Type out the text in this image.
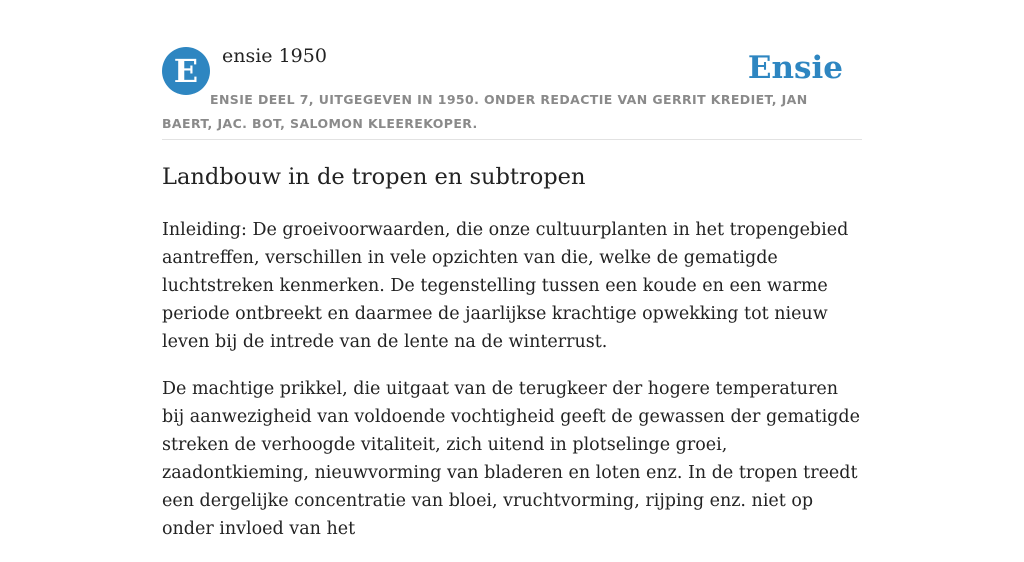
E	ensie 1950	Ensie
ENSIE DEEL 7, UITGEGEVEN IN 1950. ONDER REDACTIE VAN GERRIT KREDIET, JAN BAERT, JAC. BOT, SALOMON KLEEREKOPER.
Landbouw in de tropen en subtropen

Inleiding: De groeivoorwaarden, die onze cultuurplanten in het tropengebied aantreffen, verschillen in vele opzichten van die, welke de gematigde luchtstreken kenmerken. De tegenstelling tussen een koude en een warme periode ontbreekt en daarmee de jaarlijkse krachtige opwekking tot nieuw leven bij de intrede van de lente na de winterrust.

De machtige prikkel, die uitgaat van de terugkeer der hogere temperaturen bij aanwezigheid van voldoende vochtigheid geeft de gewassen der gematigde streken de verhoogde vitaliteit, zich uitend in plotselinge groei, zaadontkieming, nieuwvorming van bladeren en loten enz. In de tropen treedt een dergelijke concentratie van bloei, vruchtvorming, rijping enz. niet op onder invloed van het
